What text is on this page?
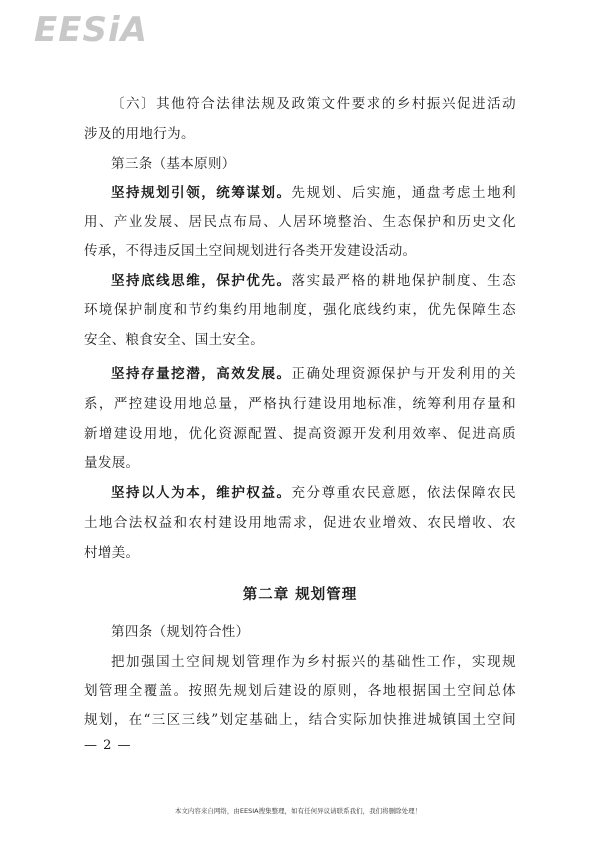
EESiA
〔六〕其他符合法律法规及政策文件要求的乡村振兴促进活动
涉及的用地行为。
第三条（基本原则）
坚持规划引领，统筹谋划。先规划、后实施，通盘考虑土地利
用、产业发展、居民点布局、人居环境整治、生态保护和历史文化
传承，不得违反国土空间规划进行各类开发建设活动。
坚持底线思维，保护优先。落实最严格的耕地保护制度、生态
环境保护制度和节约集约用地制度，强化底线约束，优先保障生态
安全、粮食安全、国土安全。
坚持存量挖潜，高效发展。正确处理资源保护与开发利用的关
系，严控建设用地总量，严格执行建设用地标准，统筹利用存量和
新增建设用地，优化资源配置、提高资源开发利用效率、促进高质
量发展。
坚持以人为本，维护权益。充分尊重农民意愿，依法保障农民
土地合法权益和农村建设用地需求，促进农业增效、农民增收、农
村增美。
第二章 规划管理
第四条（规划符合性）
把加强国土空间规划管理作为乡村振兴的基础性工作，实现规
划管理全覆盖。按照先规划后建设的原则，各地根据国土空间总体
规划，在“三区三线”划定基础上，结合实际加快推进城镇国土空间
— 2 —
本文内容来自网络，由EESIA搜集整理，如有任何异议请联系我们，我们将删除处理！
